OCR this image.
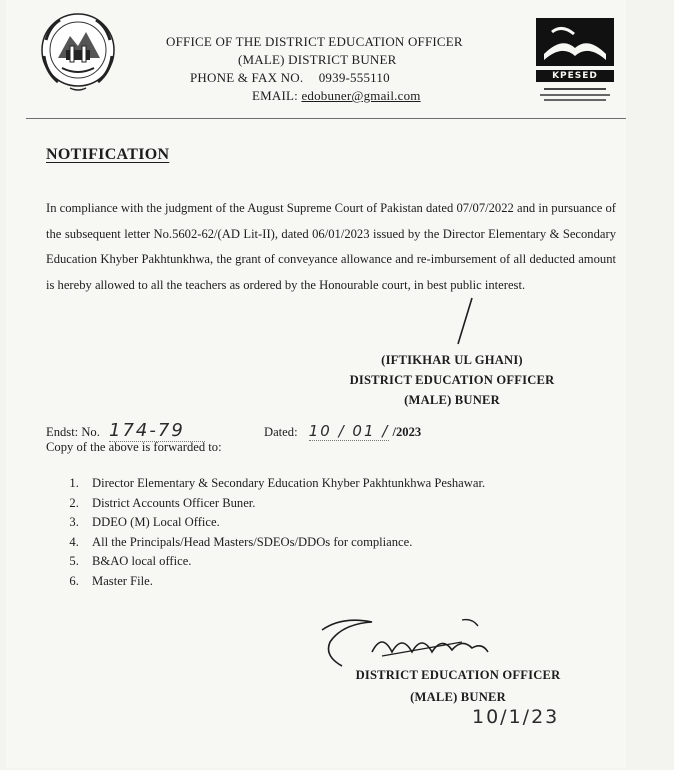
OFFICE OF THE DISTRICT EDUCATION OFFICER
(MALE) DISTRICT BUNER
PHONE & FAX NO. 0939-555110
EMAIL: edobuner@gmail.com
KPESED
NOTIFICATION
In compliance with the judgment of the August Supreme Court of Pakistan dated 07/07/2022 and in pursuance of the subsequent letter No.5602-62/(AD Lit-II), dated 06/01/2023 issued by the Director Elementary & Secondary Education Khyber Pakhtunkhwa, the grant of conveyance allowance and re-imbursement of all deducted amount is hereby allowed to all the teachers as ordered by the Honourable court, in best public interest.
(IFTIKHAR UL GHANI)
DISTRICT EDUCATION OFFICER
(MALE) BUNER
Endst: No. 174-79	Dated: 10 / 01 / /2023
Copy of the above is forwarded to:
1. Director Elementary & Secondary Education Khyber Pakhtunkhwa Peshawar.
2. District Accounts Officer Buner.
3. DDEO (M) Local Office.
4. All the Principals/Head Masters/SDEOs/DDOs for compliance.
5. B&AO local office.
6. Master File.
DISTRICT EDUCATION OFFICER
(MALE) BUNER
10/1/23
